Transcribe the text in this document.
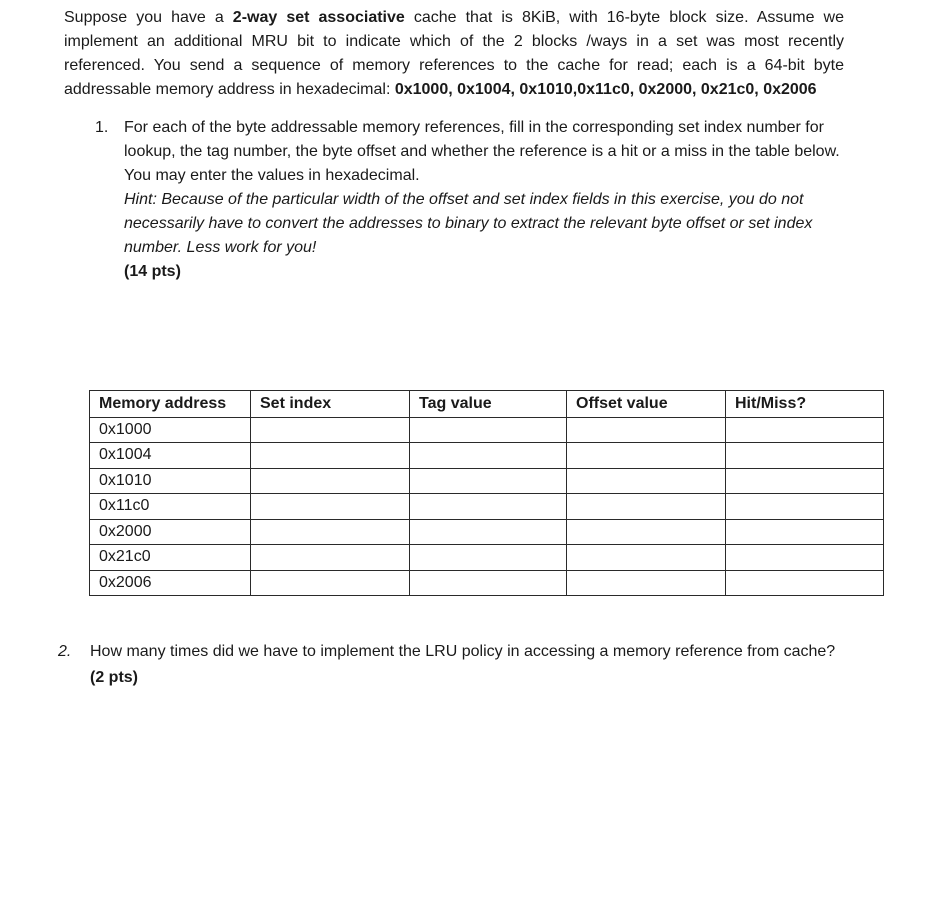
Suppose you have a 2-way set associative cache that is 8KiB, with 16-byte block size. Assume we implement an additional MRU bit to indicate which of the 2 blocks /ways in a set was most recently referenced. You send a sequence of memory references to the cache for read; each is a 64-bit byte addressable memory address in hexadecimal: 0x1000, 0x1004, 0x1010,0x11c0, 0x2000, 0x21c0, 0x2006

1. For each of the byte addressable memory references, fill in the corresponding set index number for lookup, the tag number, the byte offset and whether the reference is a hit or a miss in the table below. You may enter the values in hexadecimal.
Hint: Because of the particular width of the offset and set index fields in this exercise, you do not necessarily have to convert the addresses to binary to extract the relevant byte offset or set index number. Less work for you!
(14 pts)
Memory address	Set index	Tag value	Offset value	Hit/Miss?
0x1000				
0x1004				
0x1010				
0x11c0				
0x2000				
0x21c0				
0x2006				
2. How many times did we have to implement the LRU policy in accessing a memory reference from cache?
(2 pts)
